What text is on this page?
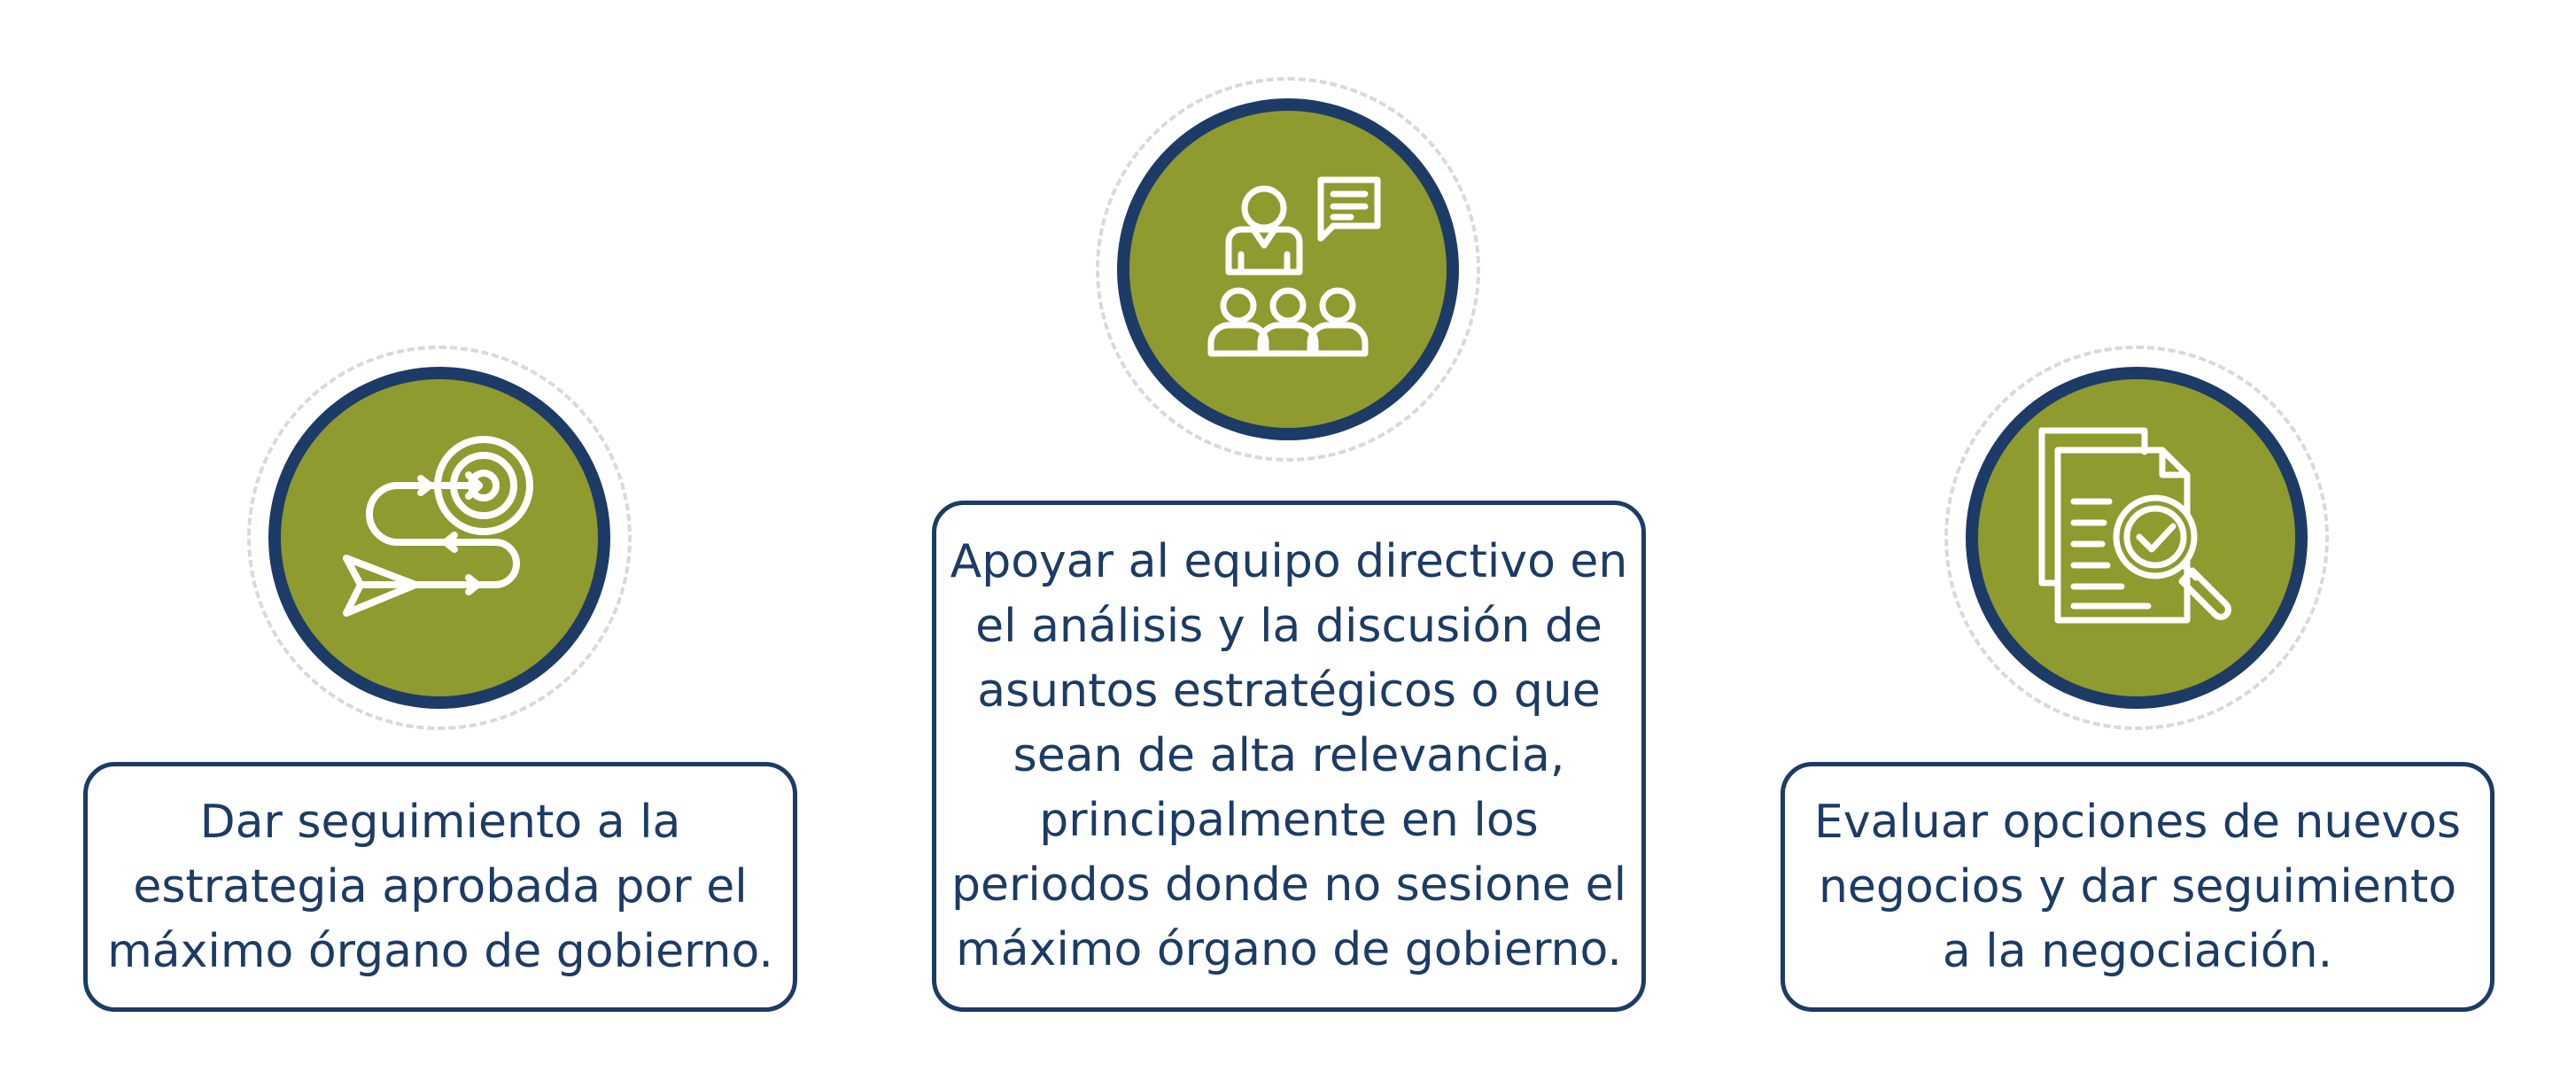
Dar seguimiento a la
estrategia aprobada por el
máximo órgano de gobierno.

Apoyar al equipo directivo en
el análisis y la discusión de
asuntos estratégicos o que
sean de alta relevancia,
principalmente en los
periodos donde no sesione el
máximo órgano de gobierno.

Evaluar opciones de nuevos
negocios y dar seguimiento
a la negociación.
